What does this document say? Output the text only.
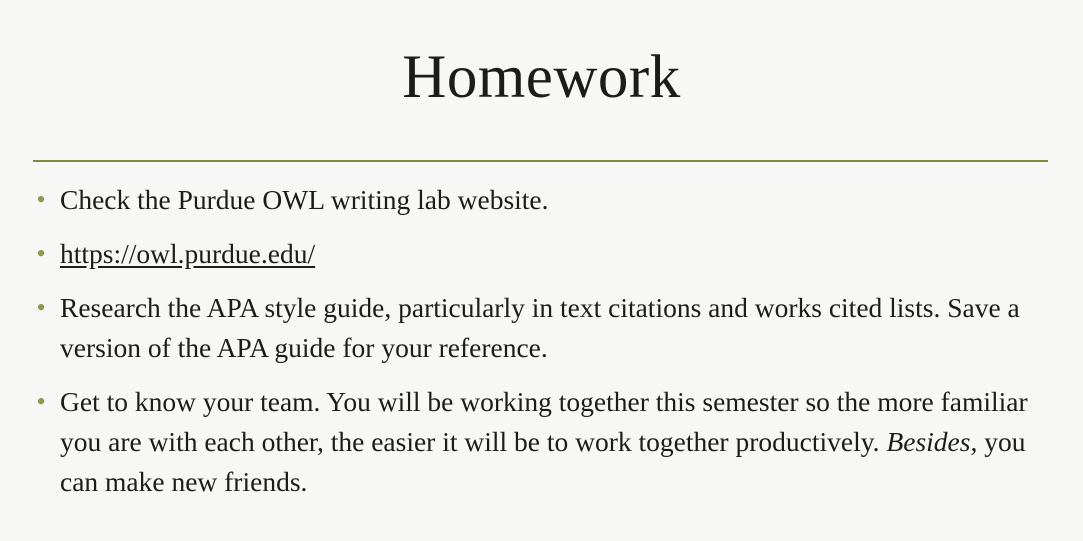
Homework
• Check the Purdue OWL writing lab website.
• https://owl.purdue.edu/
• Research the APA style guide, particularly in text citations and works cited lists. Save a version of the APA guide for your reference.
• Get to know your team. You will be working together this semester so the more familiar you are with each other, the easier it will be to work together productively. Besides, you can make new friends.
